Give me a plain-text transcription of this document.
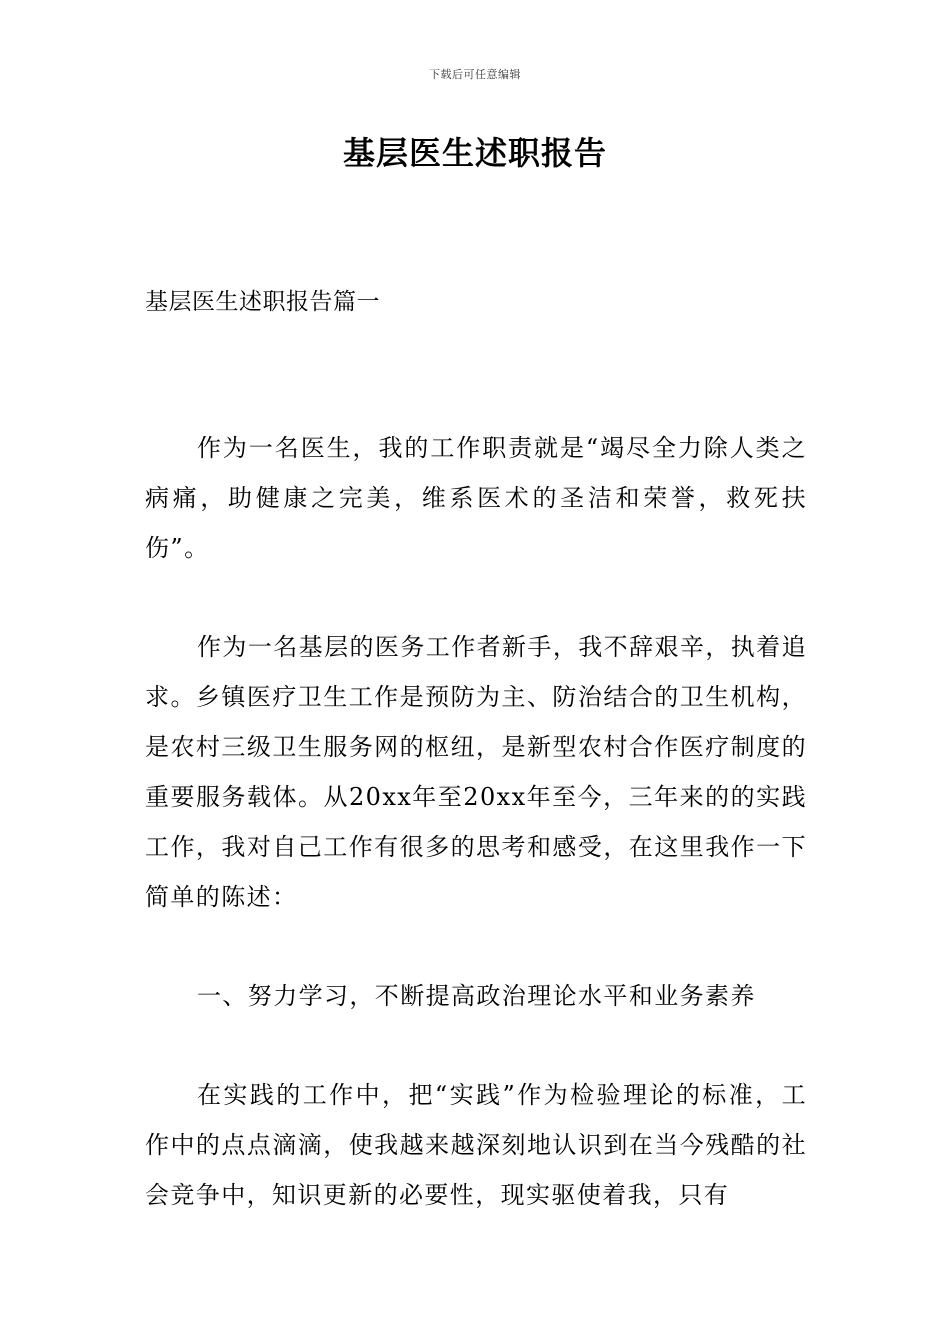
下载后可任意编辑
基层医生述职报告
基层医生述职报告篇一

作为一名医生，我的工作职责就是“竭尽全力除人类之病痛，助健康之完美，维系医术的圣洁和荣誉，救死扶伤”。

作为一名基层的医务工作者新手，我不辞艰辛，执着追求。乡镇医疗卫生工作是预防为主、防治结合的卫生机构，是农村三级卫生服务网的枢纽，是新型农村合作医疗制度的重要服务载体。从20xx年至20xx年至今，三年来的的实践工作，我对自己工作有很多的思考和感受，在这里我作一下简单的陈述：

一、努力学习，不断提高政治理论水平和业务素养

在实践的工作中，把“实践”作为检验理论的标准，工作中的点点滴滴，使我越来越深刻地认识到在当今残酷的社会竞争中，知识更新的必要性，现实驱使着我，只有
